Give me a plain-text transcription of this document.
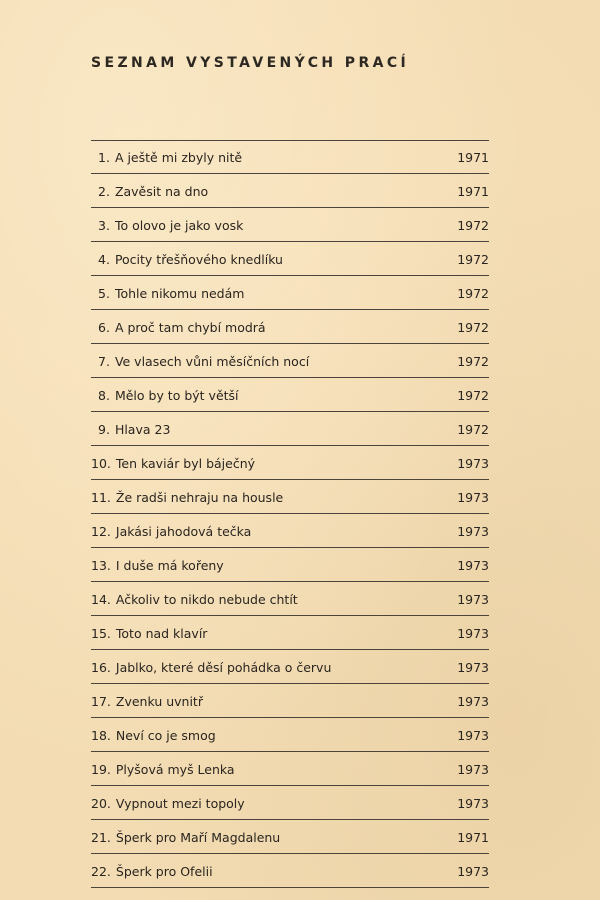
SEZNAM VYSTAVENÝCH PRACÍ
1. A ještě mi zbyly nitě	1971
2. Zavěsit na dno	1971
3. To olovo je jako vosk	1972
4. Pocity třešňového knedlíku	1972
5. Tohle nikomu nedám	1972
6. A proč tam chybí modrá	1972
7. Ve vlasech vůni měsíčních nocí	1972
8. Mělo by to být větší	1972
9. Hlava 23	1972
10. Ten kaviár byl báječný	1973
11. Že radši nehraju na housle	1973
12. Jakási jahodová tečka	1973
13. I duše má kořeny	1973
14. Ačkoliv to nikdo nebude chtít	1973
15. Toto nad klavír	1973
16. Jablko, které děsí pohádka o červu	1973
17. Zvenku uvnitř	1973
18. Neví co je smog	1973
19. Plyšová myš Lenka	1973
20. Vypnout mezi topoly	1973
21. Šperk pro Maří Magdalenu	1971
22. Šperk pro Ofelii	1973
